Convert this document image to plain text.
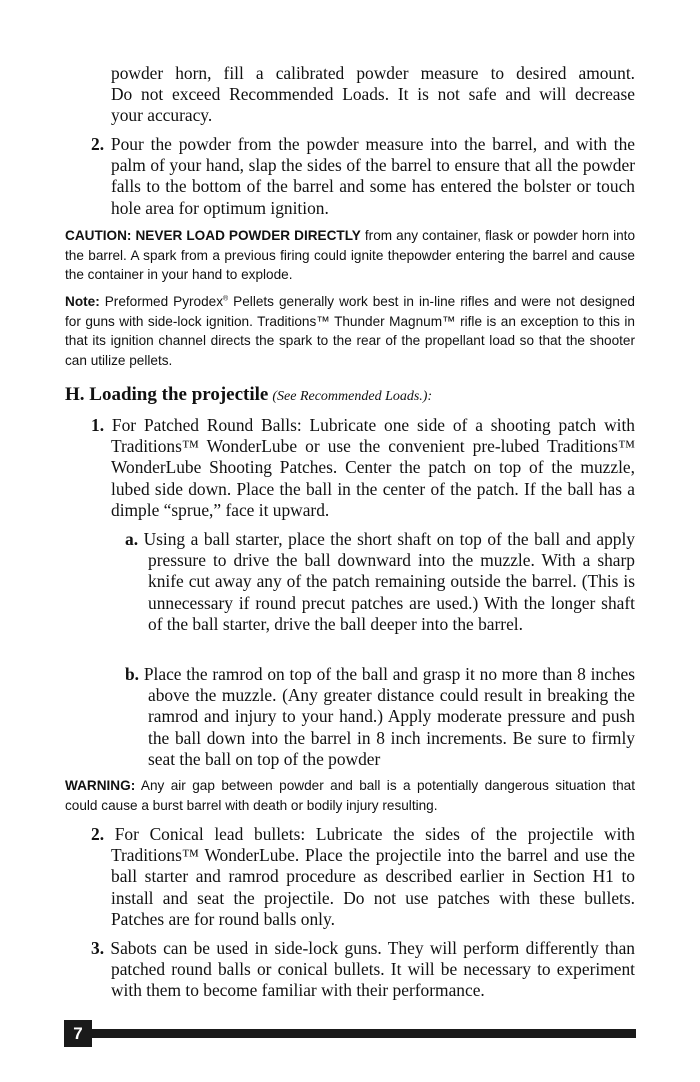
powder horn, fill a calibrated powder measure to desired amount.
Do not exceed Recommended Loads. It is not safe and will decrease
your accuracy.

2. Pour the powder from the powder measure into the barrel, and with the palm of your hand, slap the sides of the barrel to ensure that all the powder falls to the bottom of the barrel and some has entered the bolster or touch hole area for optimum ignition.

CAUTION: NEVER LOAD POWDER DIRECTLY from any container, flask or powder horn into the barrel. A spark from a previous firing could ignite thepowder entering the barrel and cause the container in your hand to explode.

Note: Preformed Pyrodex® Pellets generally work best in in-line rifles and were not designed for guns with side-lock ignition. Traditions™ Thunder Magnum™ rifle is an exception to this in that its ignition channel directs the spark to the rear of the propellant load so that the shooter can utilize pellets.

H. Loading the projectile (See Recommended Loads.):

1. For Patched Round Balls: Lubricate one side of a shooting patch with Traditions™ WonderLube or use the convenient pre-lubed Traditions™ WonderLube Shooting Patches. Center the patch on top of the muzzle, lubed side down. Place the ball in the center of the patch. If the ball has a dimple “sprue,” face it upward.

a. Using a ball starter, place the short shaft on top of the ball and apply pressure to drive the ball downward into the muzzle. With a sharp knife cut away any of the patch remaining outside the barrel. (This is unnecessary if round precut patches are used.) With the longer shaft of the ball starter, drive the ball deeper into the barrel.

b. Place the ramrod on top of the ball and grasp it no more than 8 inches above the muzzle. (Any greater distance could result in breaking the ramrod and injury to your hand.) Apply moderate pressure and push the ball down into the barrel in 8 inch increments. Be sure to firmly seat the ball on top of the powder

WARNING: Any air gap between powder and ball is a potentially dangerous situation that could cause a burst barrel with death or bodily injury resulting.

2. For Conical lead bullets: Lubricate the sides of the projectile with Traditions™ WonderLube. Place the projectile into the barrel and use the ball starter and ramrod procedure as described earlier in Section H1 to install and seat the projectile. Do not use patches with these bullets. Patches are for round balls only.

3. Sabots can be used in side-lock guns. They will perform differently than patched round balls or conical bullets. It will be necessary to experiment with them to become familiar with their performance.

7
